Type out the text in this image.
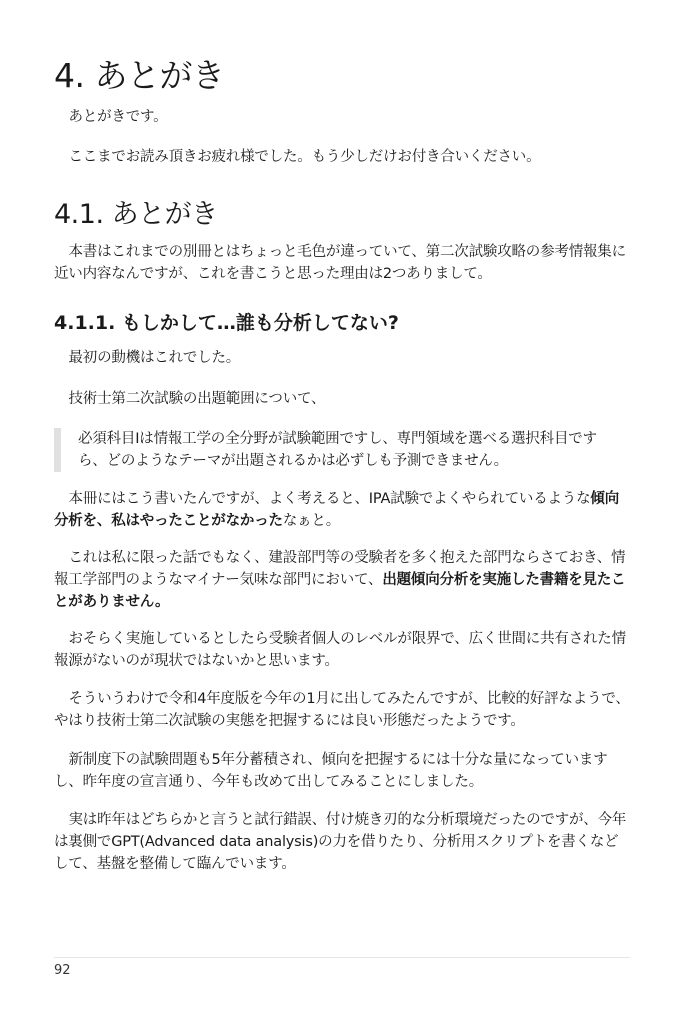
4. あとがき

あとがきです。

ここまでお読み頂きお疲れ様でした。もう少しだけお付き合いください。

4.1. あとがき

本書はこれまでの別冊とはちょっと毛色が違っていて、第二次試験攻略の参考情報集に近い内容なんですが、これを書こうと思った理由は2つありまして。

4.1.1. もしかして…誰も分析してない?

最初の動機はこれでした。

技術士第二次試験の出題範囲について、

必須科目Iは情報工学の全分野が試験範囲ですし、専門領域を選べる選択科目ですら、どのようなテーマが出題されるかは必ずしも予測できません。

本冊にはこう書いたんですが、よく考えると、IPA試験でよくやられているような傾向分析を、私はやったことがなかったなぁと。

これは私に限った話でもなく、建設部門等の受験者を多く抱えた部門ならさておき、情報工学部門のようなマイナー気味な部門において、出題傾向分析を実施した書籍を見たことがありません。

おそらく実施しているとしたら受験者個人のレベルが限界で、広く世間に共有された情報源がないのが現状ではないかと思います。

そういうわけで令和4年度版を今年の1月に出してみたんですが、比較的好評なようで、やはり技術士第二次試験の実態を把握するには良い形態だったようです。

新制度下の試験問題も5年分蓄積され、傾向を把握するには十分な量になっていますし、昨年度の宣言通り、今年も改めて出してみることにしました。

実は昨年はどちらかと言うと試行錯誤、付け焼き刃的な分析環境だったのですが、今年は裏側でGPT(Advanced data analysis)の力を借りたり、分析用スクリプトを書くなどして、基盤を整備して臨んでいます。

92
